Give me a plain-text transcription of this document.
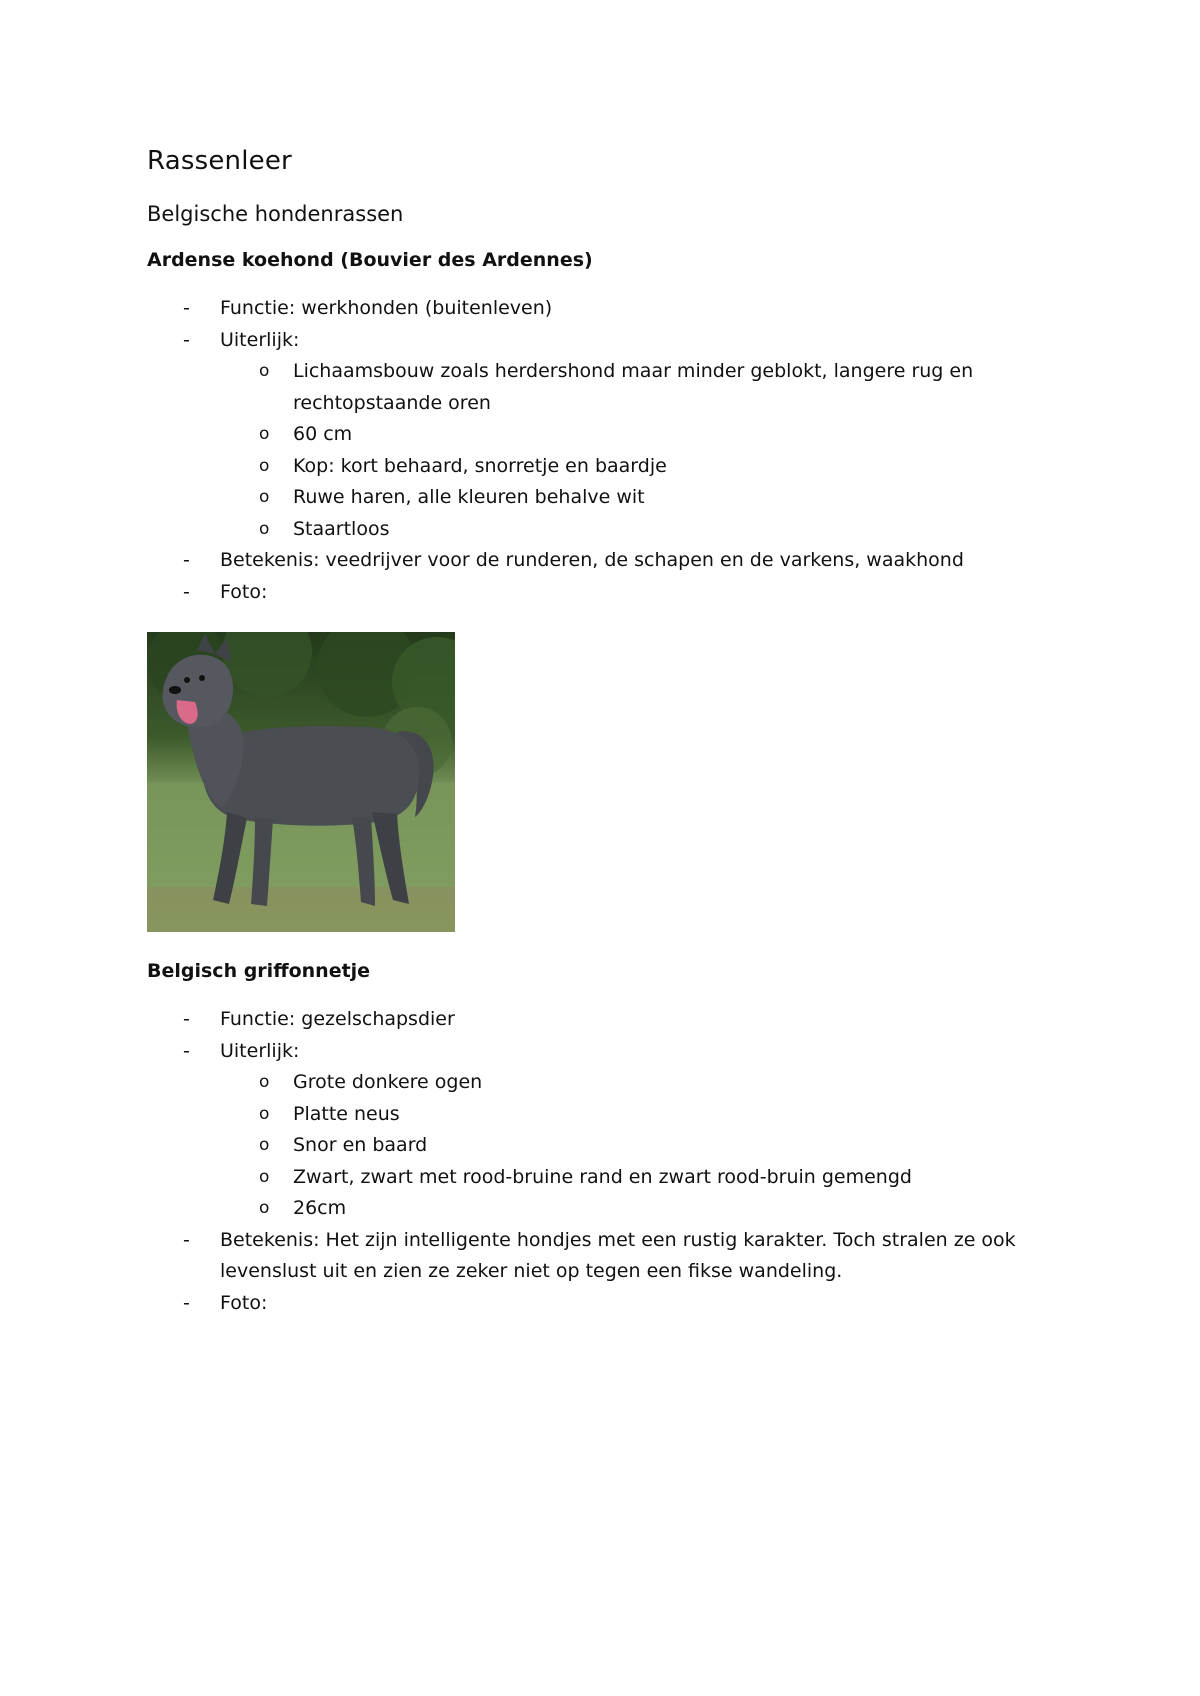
Rassenleer
Belgische hondenrassen
Ardense koehond (Bouvier des Ardennes)
- Functie: werkhonden (buitenleven)
- Uiterlijk:
o Lichaamsbouw zoals herdershond maar minder geblokt, langere rug en rechtopstaande oren
o 60 cm
o Kop: kort behaard, snorretje en baardje
o Ruwe haren, alle kleuren behalve wit
o Staartloos
- Betekenis: veedrijver voor de runderen, de schapen en de varkens, waakhond
- Foto:
Belgisch griffonnetje
- Functie: gezelschapsdier
- Uiterlijk:
o Grote donkere ogen
o Platte neus
o Snor en baard
o Zwart, zwart met rood-bruine rand en zwart rood-bruin gemengd
o 26cm
- Betekenis: Het zijn intelligente hondjes met een rustig karakter. Toch stralen ze ook levenslust uit en zien ze zeker niet op tegen een fikse wandeling.
- Foto:
